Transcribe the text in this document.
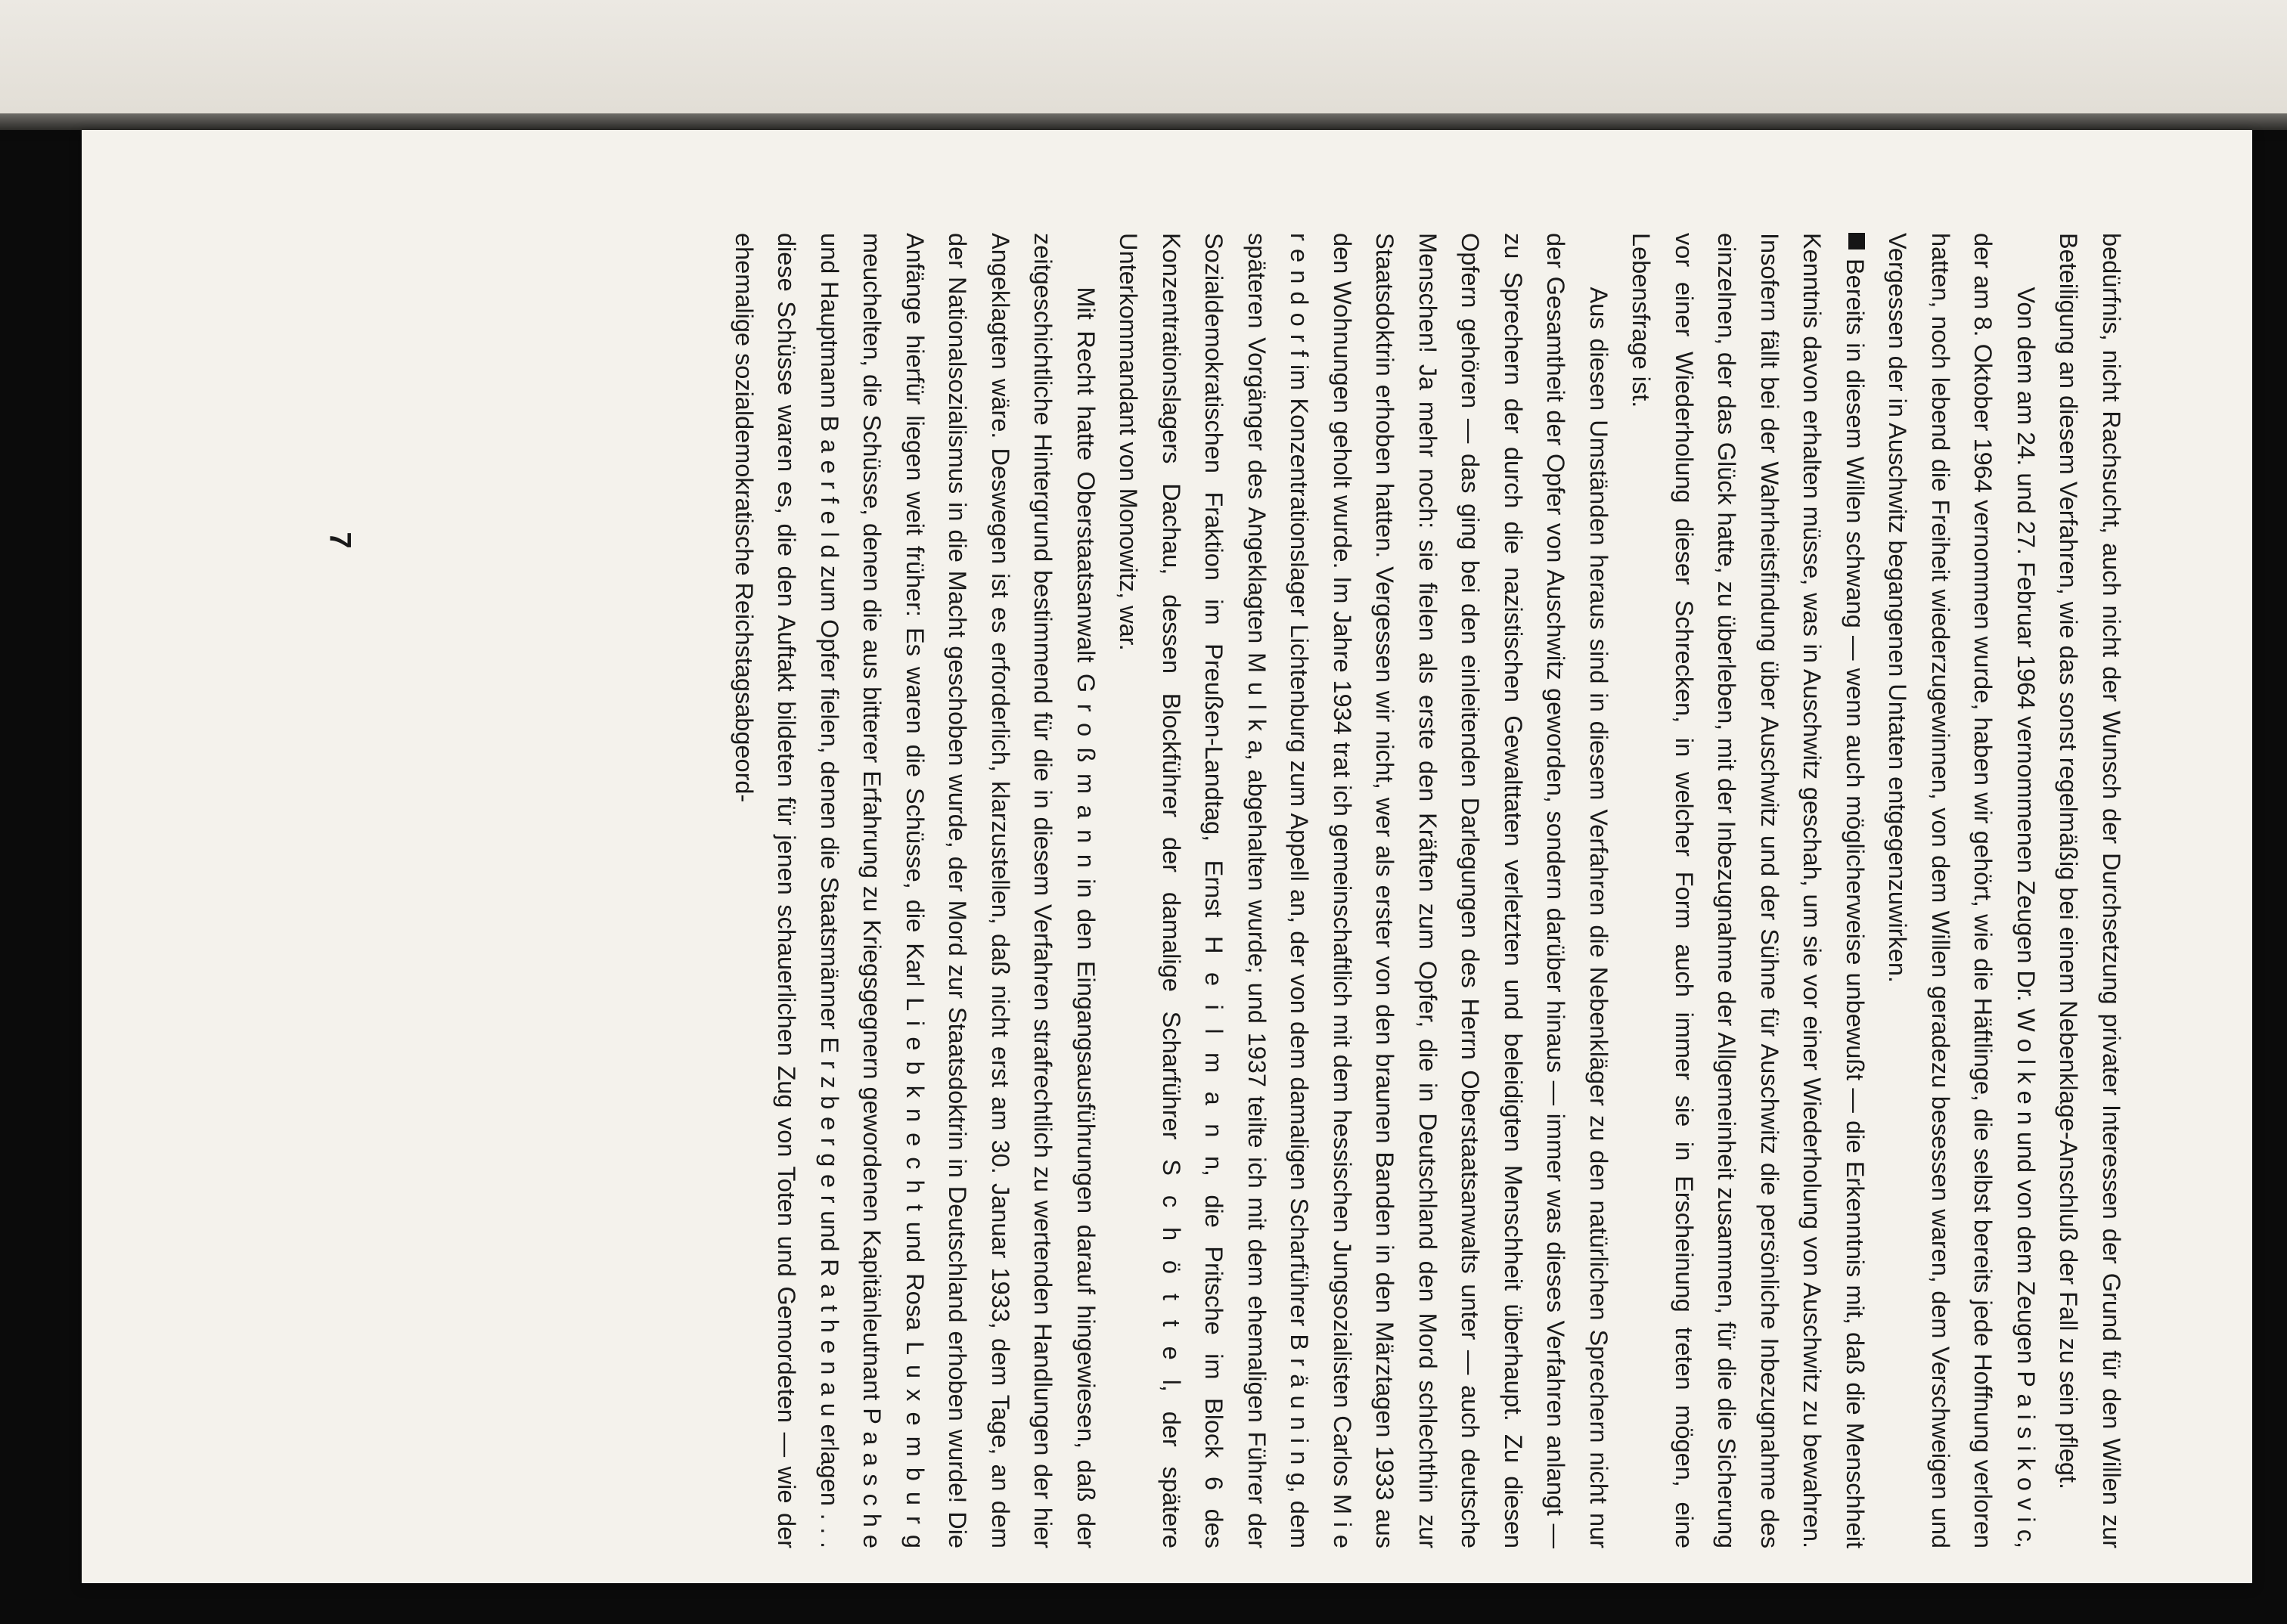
7	bedürfnis, nicht Rachsucht, auch nicht der Wunsch der Durchsetzung privater Interessen der Grund für den Willen zur Beteiligung an diesem Verfahren, wie das sonst regelmäßig bei einem Nebenklage-Anschluß der Fall zu sein pflegt.

Von dem am 24. und 27. Februar 1964 vernommenen Zeugen Dr. W o l k e n und von dem Zeugen P a i s i k o v i c, der am 8. Oktober 1964 vernommen wurde, haben wir gehört, wie die Häftlinge, die selbst bereits jede Hoffnung verloren hatten, noch lebend die Freiheit wiederzugewinnen, von dem Willen geradezu besessen waren, dem Verschweigen und Vergessen der in Auschwitz begangenen Untaten entgegenzuwirken.

Bereits in diesem Willen schwang — wenn auch möglicherweise unbewußt — die Erkenntnis mit, daß die Menschheit Kenntnis davon erhalten müsse, was in Auschwitz geschah, um sie vor einer Wiederholung von Auschwitz zu bewahren. Insofern fällt bei der Wahrheitsfindung über Auschwitz und der Sühne für Auschwitz die persönliche Inbezugnahme des einzelnen, der das Glück hatte, zu überleben, mit der Inbezugnahme der Allgemeinheit zusammen, für die die Sicherung vor einer Wiederholung dieser Schrecken, in welcher Form auch immer sie in Erscheinung treten mögen, eine Lebensfrage ist.

Aus diesen Umständen heraus sind in diesem Verfahren die Nebenkläger zu den natürlichen Sprechern nicht nur der Gesamtheit der Opfer von Auschwitz geworden, sondern darüber hinaus — immer was dieses Verfahren anlangt — zu Sprechern der durch die nazistischen Gewalttaten verletzten und beleidigten Menschheit überhaupt. Zu diesen Opfern gehören — das ging bei den einleitenden Darlegungen des Herrn Oberstaatsanwalts unter — auch deutsche Menschen! Ja mehr noch: sie fielen als erste den Kräften zum Opfer, die in Deutschland den Mord schlechthin zur Staatsdoktrin erhoben hatten. Vergessen wir nicht, wer als erster von den braunen Banden in den Märztagen 1933 aus den Wohnungen geholt wurde. Im Jahre 1934 trat ich gemeinschaftlich mit dem hessischen Jungsozialisten Carlos M i e r e n d o r f im Konzentrationslager Lichtenburg zum Appell an, der von dem damaligen Scharführer B r ä u n i n g, dem späteren Vorgänger des Angeklagten M u l k a, abgehalten wurde; und 1937 teilte ich mit dem ehemaligen Führer der Sozialdemokratischen Fraktion im Preußen-Landtag, Ernst H e i l m a n n, die Pritsche im Block 6 des Konzentrationslagers Dachau, dessen Blockführer der damalige Scharführer S c h ö t t e l, der spätere Unterkommandant von Monowitz, war.

Mit Recht hatte Oberstaatsanwalt G r o ß m a n n in den Eingangsausführungen darauf hingewiesen, daß der zeitgeschichtliche Hintergrund bestimmend für die in diesem Verfahren strafrechtlich zu wertenden Handlungen der hier Angeklagten wäre. Deswegen ist es erforderlich, klarzustellen, daß nicht erst am 30. Januar 1933, dem Tage, an dem der Nationalsozialismus in die Macht geschoben wurde, der Mord zur Staatsdoktrin in Deutschland erhoben wurde! Die Anfänge hierfür liegen weit früher: Es waren die Schüsse, die Karl L i e b k n e c h t und Rosa L u x e m b u r g meuchelten, die Schüsse, denen die aus bitterer Erfahrung zu Kriegsgegnern gewordenen Kapitänleutnant P a a s c h e und Hauptmann B a e r f e l d zum Opfer fielen, denen die Staatsmänner E r z b e r g e r und R a t h e n a u erlagen . . . diese Schüsse waren es, die den Auftakt bildeten für jenen schauerlichen Zug von Toten und Gemordeten — wie der ehemalige sozialdemokratische Reichstagsabgeord-
